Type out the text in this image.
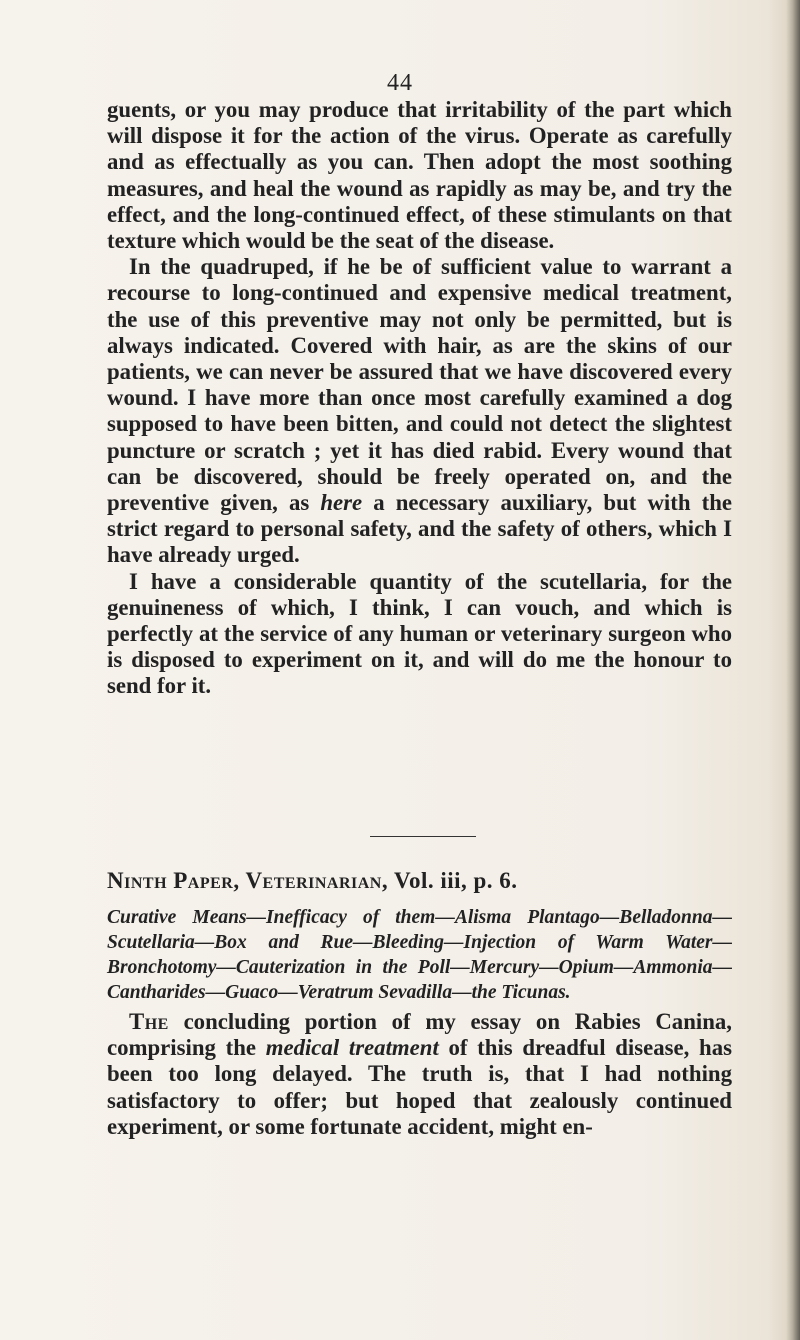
44

guents, or you may produce that irritability of the part which will dispose it for the action of the virus. Operate as carefully and as effectually as you can. Then adopt the most soothing measures, and heal the wound as rapidly as may be, and try the effect, and the long-continued effect, of these stimulants on that texture which would be the seat of the disease.

In the quadruped, if he be of sufficient value to warrant a recourse to long-continued and expensive medical treatment, the use of this preventive may not only be permitted, but is always indicated. Covered with hair, as are the skins of our patients, we can never be assured that we have discovered every wound. I have more than once most carefully examined a dog supposed to have been bitten, and could not detect the slightest puncture or scratch ; yet it has died rabid. Every wound that can be discovered, should be freely operated on, and the preventive given, as here a necessary auxiliary, but with the strict regard to personal safety, and the safety of others, which I have already urged.

I have a considerable quantity of the scutellaria, for the genuineness of which, I think, I can vouch, and which is perfectly at the service of any human or veterinary surgeon who is disposed to experiment on it, and will do me the honour to send for it.

Ninth Paper, Veterinarian, Vol. iii, p. 6.
Curative Means—Inefficacy of them—Alisma Plantago—Belladonna—Scutellaria—Box and Rue—Bleeding—Injection of Warm Water—Bronchotomy—Cauterization in the Poll—Mercury—Opium—Ammonia—Cantharides—Guaco—Veratrum Sevadilla—the Ticunas.

The concluding portion of my essay on Rabies Canina, comprising the medical treatment of this dreadful disease, has been too long delayed. The truth is, that I had nothing satisfactory to offer; but hoped that zealously continued experiment, or some fortunate accident, might en-
